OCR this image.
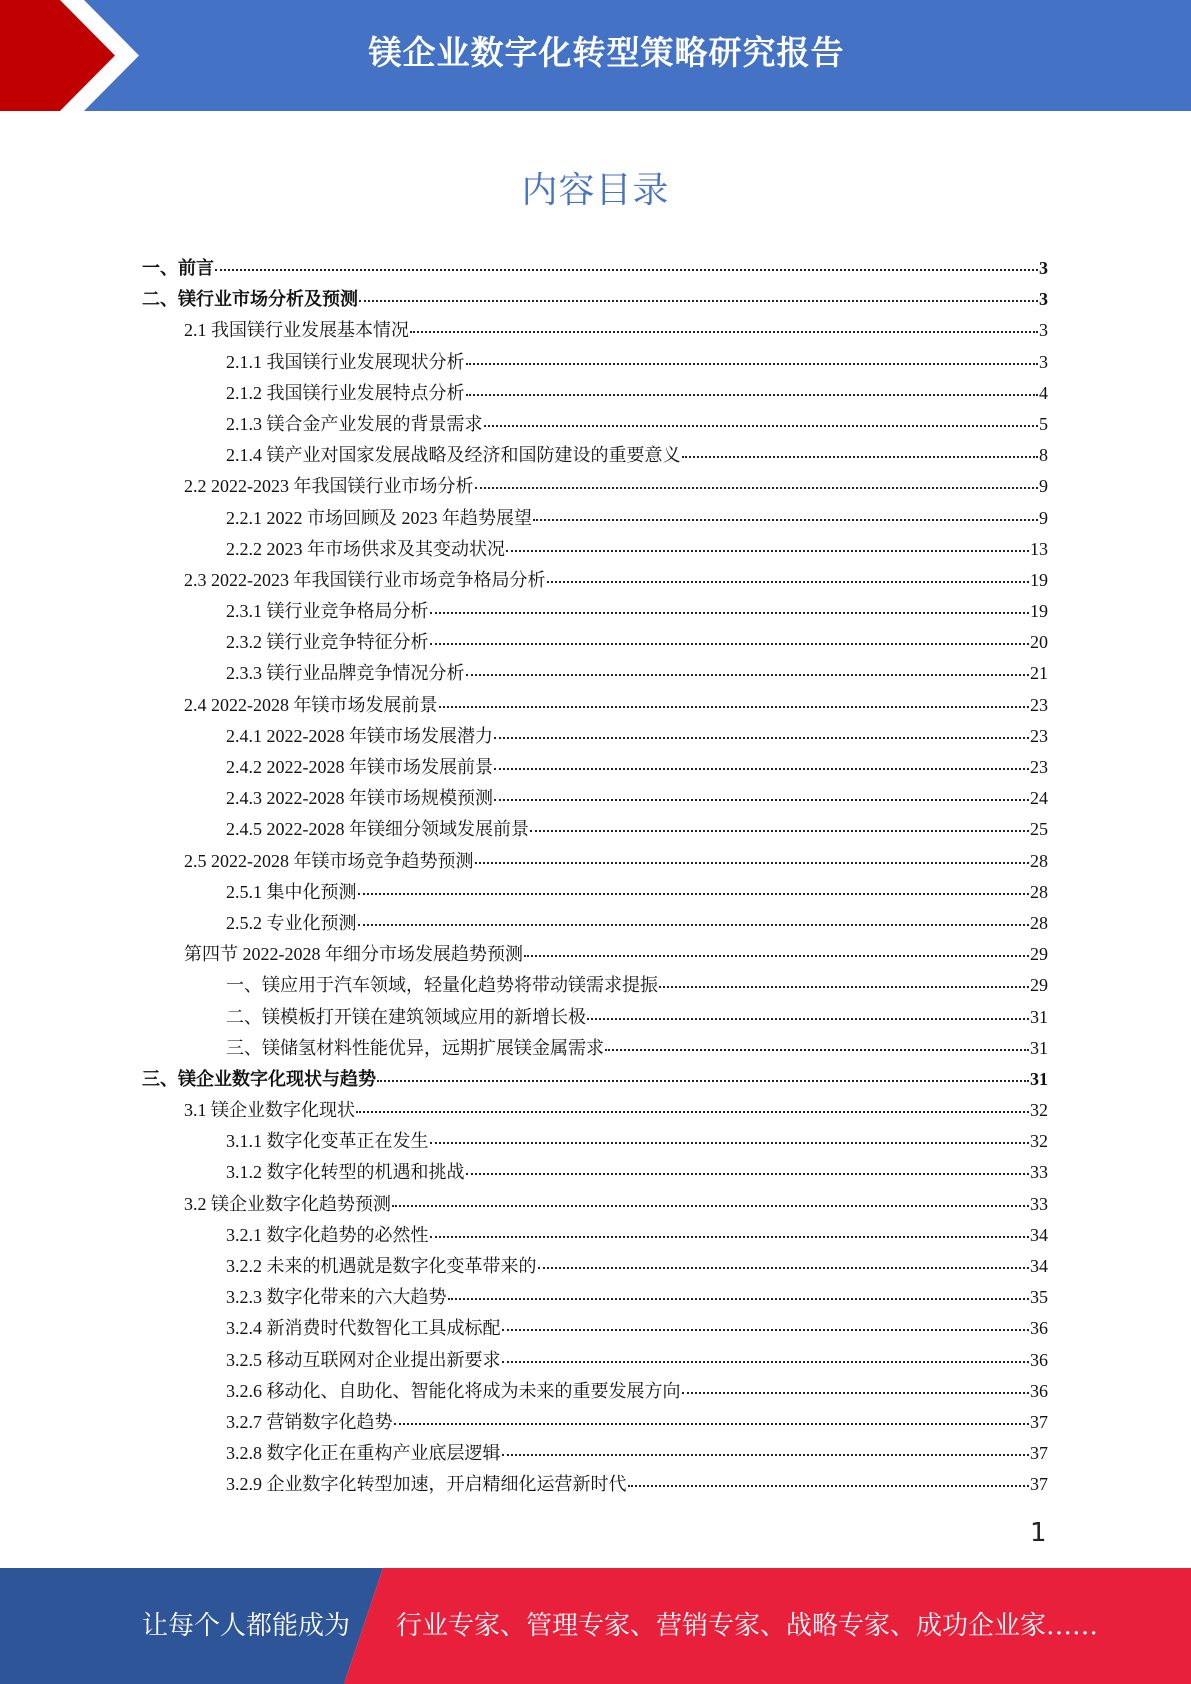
镁企业数字化转型策略研究报告
内容目录
一、前言	3
二、镁行业市场分析及预测	3
2.1 我国镁行业发展基本情况	3
2.1.1 我国镁行业发展现状分析	3
2.1.2 我国镁行业发展特点分析	4
2.1.3 镁合金产业发展的背景需求	5
2.1.4 镁产业对国家发展战略及经济和国防建设的重要意义	8
2.2 2022-2023 年我国镁行业市场分析	9
2.2.1 2022 市场回顾及 2023 年趋势展望	9
2.2.2 2023 年市场供求及其变动状况	13
2.3 2022-2023 年我国镁行业市场竞争格局分析	19
2.3.1 镁行业竞争格局分析	19
2.3.2 镁行业竞争特征分析	20
2.3.3 镁行业品牌竞争情况分析	21
2.4 2022-2028 年镁市场发展前景	23
2.4.1 2022-2028 年镁市场发展潜力	23
2.4.2 2022-2028 年镁市场发展前景	23
2.4.3 2022-2028 年镁市场规模预测	24
2.4.5 2022-2028 年镁细分领域发展前景	25
2.5 2022-2028 年镁市场竞争趋势预测	28
2.5.1 集中化预测	28
2.5.2 专业化预测	28
第四节 2022-2028 年细分市场发展趋势预测	29
一、镁应用于汽车领域，轻量化趋势将带动镁需求提振	29
二、镁模板打开镁在建筑领域应用的新增长极	31
三、镁储氢材料性能优异，远期扩展镁金属需求	31
三、镁企业数字化现状与趋势	31
3.1 镁企业数字化现状	32
3.1.1 数字化变革正在发生	32
3.1.2 数字化转型的机遇和挑战	33
3.2 镁企业数字化趋势预测	33
3.2.1 数字化趋势的必然性	34
3.2.2 未来的机遇就是数字化变革带来的	34
3.2.3 数字化带来的六大趋势	35
3.2.4 新消费时代数智化工具成标配	36
3.2.5 移动互联网对企业提出新要求	36
3.2.6 移动化、自助化、智能化将成为未来的重要发展方向	36
3.2.7 营销数字化趋势	37
3.2.8 数字化正在重构产业底层逻辑	37
3.2.9 企业数字化转型加速，开启精细化运营新时代	37
1
让每个人都能成为 行业专家、管理专家、营销专家、战略专家、成功企业家……
